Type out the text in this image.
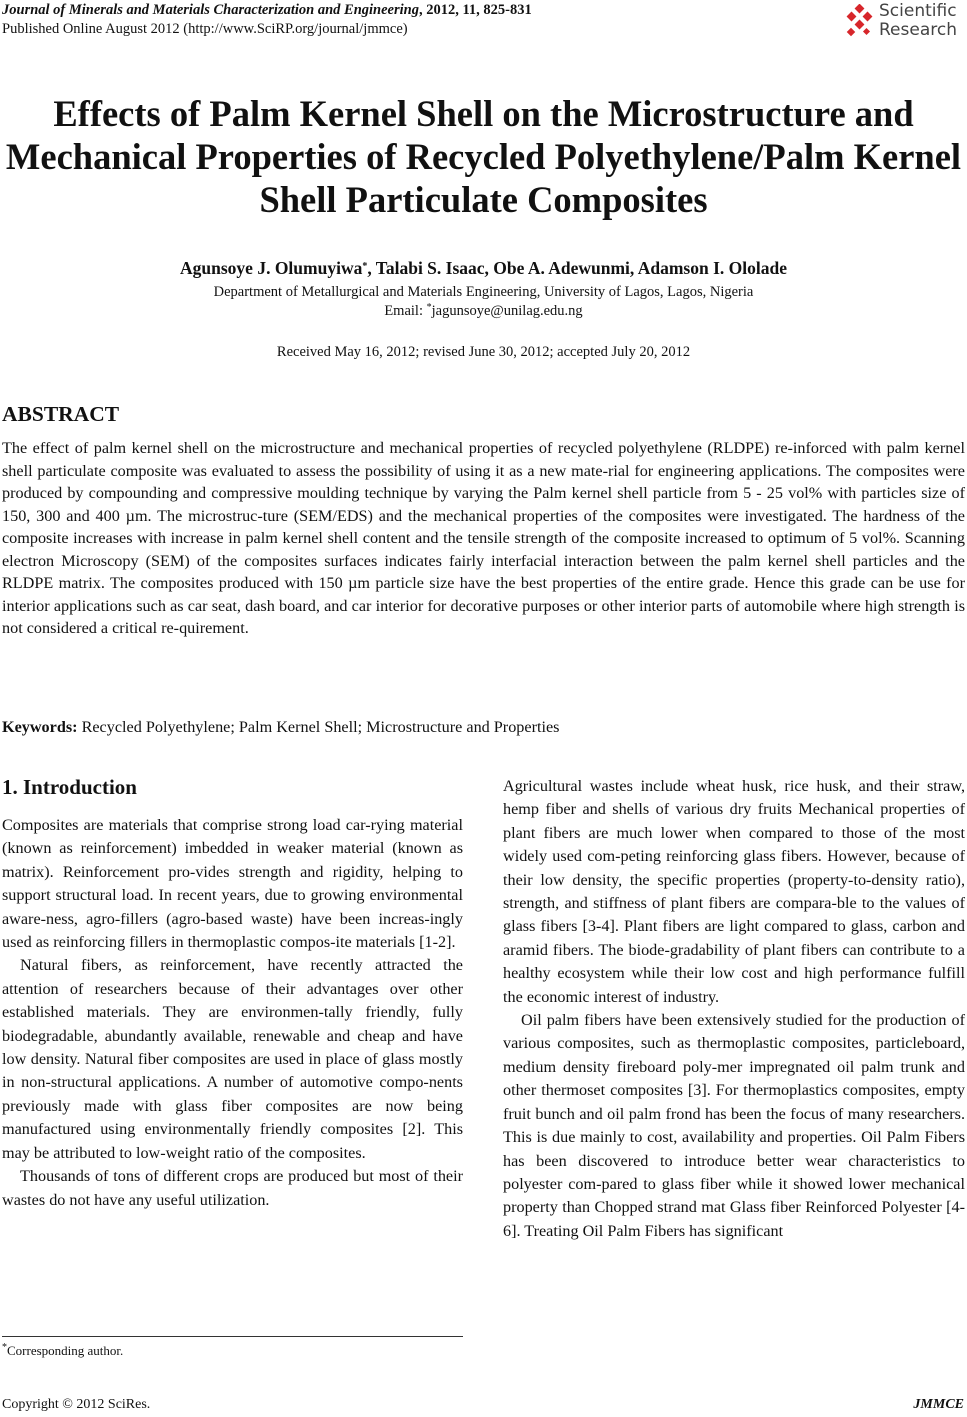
Journal of Minerals and Materials Characterization and Engineering, 2012, 11, 825-831
Published Online August 2012 (http://www.SciRP.org/journal/jmmce)
Scientific
Research
Effects of Palm Kernel Shell on the Microstructure and Mechanical Properties of Recycled Polyethylene/Palm Kernel Shell Particulate Composites
Agunsoye J. Olumuyiwa*, Talabi S. Isaac, Obe A. Adewunmi, Adamson I. Ololade
Department of Metallurgical and Materials Engineering, University of Lagos, Lagos, Nigeria
Email: *jagunsoye@unilag.edu.ng
Received May 16, 2012; revised June 30, 2012; accepted July 20, 2012
ABSTRACT
The effect of palm kernel shell on the microstructure and mechanical properties of recycled polyethylene (RLDPE) re-inforced with palm kernel shell particulate composite was evaluated to assess the possibility of using it as a new mate-rial for engineering applications. The composites were produced by compounding and compressive moulding technique by varying the Palm kernel shell particle from 5 - 25 vol% with particles size of 150, 300 and 400 µm. The microstruc-ture (SEM/EDS) and the mechanical properties of the composites were investigated. The hardness of the composite increases with increase in palm kernel shell content and the tensile strength of the composite increased to optimum of 5 vol%. Scanning electron Microscopy (SEM) of the composites surfaces indicates fairly interfacial interaction between the palm kernel shell particles and the RLDPE matrix. The composites produced with 150 µm particle size have the best properties of the entire grade. Hence this grade can be use for interior applications such as car seat, dash board, and car interior for decorative purposes or other interior parts of automobile where high strength is not considered a critical re-quirement.
Keywords: Recycled Polyethylene; Palm Kernel Shell; Microstructure and Properties
1. Introduction

Composites are materials that comprise strong load car-rying material (known as reinforcement) imbedded in weaker material (known as matrix). Reinforcement pro-vides strength and rigidity, helping to support structural load. In recent years, due to growing environmental aware-ness, agro-fillers (agro-based waste) have been increas-ingly used as reinforcing fillers in thermoplastic compos-ite materials [1-2].

Natural fibers, as reinforcement, have recently attracted the attention of researchers because of their advantages over other established materials. They are environmen-tally friendly, fully biodegradable, abundantly available, renewable and cheap and have low density. Natural fiber composites are used in place of glass mostly in non-structural applications. A number of automotive compo-nents previously made with glass fiber composites are now being manufactured using environmentally friendly composites [2]. This may be attributed to low-weight ratio of the composites.

Thousands of tons of different crops are produced but most of their wastes do not have any useful utilization.

Agricultural wastes include wheat husk, rice husk, and their straw, hemp fiber and shells of various dry fruits Mechanical properties of plant fibers are much lower when compared to those of the most widely used com-peting reinforcing glass fibers. However, because of their low density, the specific properties (property-to-density ratio), strength, and stiffness of plant fibers are compara-ble to the values of glass fibers [3-4]. Plant fibers are light compared to glass, carbon and aramid fibers. The biode-gradability of plant fibers can contribute to a healthy ecosystem while their low cost and high performance fulfill the economic interest of industry.

Oil palm fibers have been extensively studied for the production of various composites, such as thermoplastic composites, particleboard, medium density fireboard poly-mer impregnated oil palm trunk and other thermoset composites [3]. For thermoplastics composites, empty fruit bunch and oil palm frond has been the focus of many researchers. This is due mainly to cost, availability and properties. Oil Palm Fibers has been discovered to introduce better wear characteristics to polyester com-pared to glass fiber while it showed lower mechanical property than Chopped strand mat Glass fiber Reinforced Polyester [4-6]. Treating Oil Palm Fibers has significant

*Corresponding author.
Copyright © 2012 SciRes.	JMMCE
